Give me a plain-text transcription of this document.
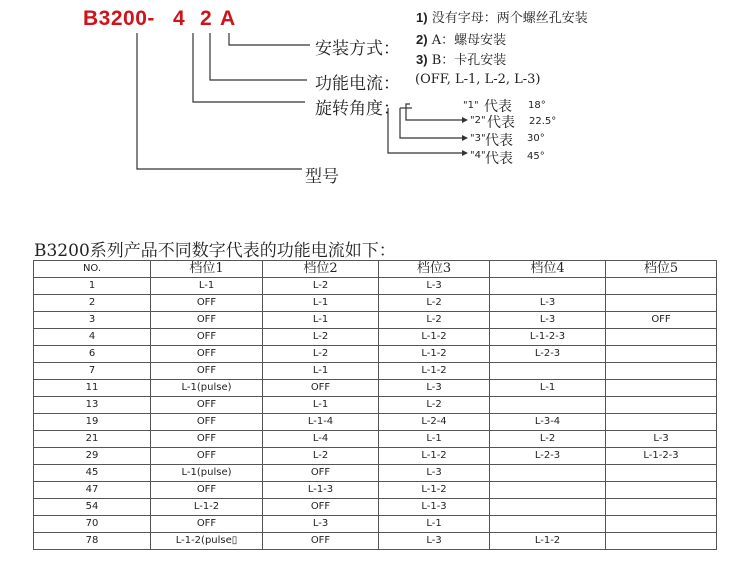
B3200- 4 2 A	1) 没有字母：两个螺丝孔安装
安装方式： 2) A：螺母安装
3) B：卡孔安装
功能电流： (OFF, L-1, L-2, L-3)
旋转角度：	"1" 代表 18°
"2" 代表 22.5°
"3" 代表 30°
"4" 代表 45°
型号
B3200系列产品不同数字代表的功能电流如下：
NO.	档位1	档位2	档位3	档位4	档位5
1	L-1	L-2	L-3		
2	OFF	L-1	L-2	L-3	
3	OFF	L-1	L-2	L-3	OFF
4	OFF	L-2	L-1-2	L-1-2-3	
6	OFF	L-2	L-1-2	L-2-3	
7	OFF	L-1	L-1-2		
11	L-1(pulse)	OFF	L-3	L-1	
13	OFF	L-1	L-2		
19	OFF	L-1-4	L-2-4	L-3-4	
21	OFF	L-4	L-1	L-2	L-3
29	OFF	L-2	L-1-2	L-2-3	L-1-2-3
45	L-1(pulse)	OFF	L-3		
47	OFF	L-1-3	L-1-2		
54	L-1-2	OFF	L-1-3		
70	OFF	L-3	L-1		
78	L-1-2(pulse▯	OFF	L-3	L-1-2	
